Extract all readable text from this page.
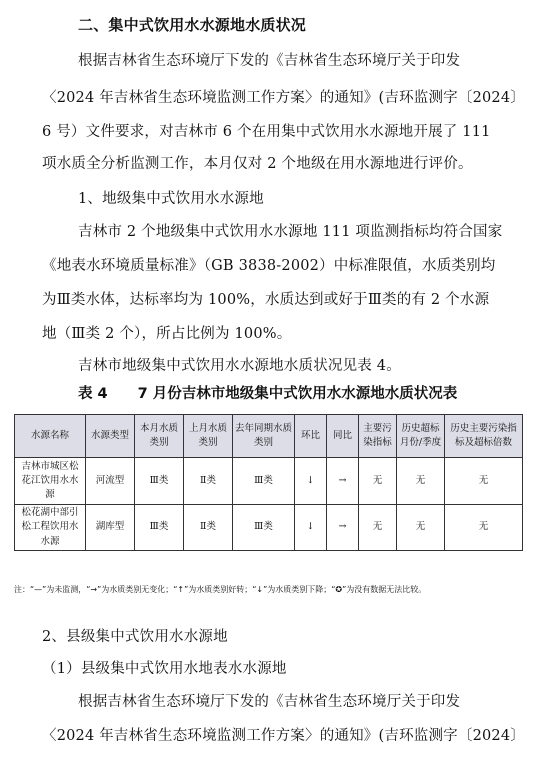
二、集中式饮用水水源地水质状况
根据吉林省生态环境厅下发的《吉林省生态环境厅关于印发
〈2024 年吉林省生态环境监测工作方案〉的通知》(吉环监测字〔2024〕
6 号）文件要求，对吉林市 6 个在用集中式饮用水水源地开展了 111
项水质全分析监测工作，本月仅对 2 个地级在用水源地进行评价。
1、地级集中式饮用水水源地
吉林市 2 个地级集中式饮用水水源地 111 项监测指标均符合国家
《地表水环境质量标准》（GB 3838-2002）中标准限值，水质类别均
为Ⅲ类水体，达标率均为 100%，水质达到或好于Ⅲ类的有 2 个水源
地（Ⅲ类 2 个），所占比例为 100%。
吉林市地级集中式饮用水水源地水质状况见表 4。
表 4 7 月份吉林市地级集中式饮用水水源地水质状况表
水源名称	水源类型	本月水质类别	上月水质类别	去年同期水质类别	环比	同比	主要污染指标	历史超标月份/季度	历史主要污染指标及超标倍数
吉林市城区松花江饮用水水源	河流型	Ⅲ类	Ⅱ类	Ⅲ类	↓	→	无	无	无
松花湖中部引松工程饮用水水源	湖库型	Ⅲ类	Ⅱ类	Ⅲ类	↓	→	无	无	无
注：“—”为未监测，“→”为水质类别无变化；“↑”为水质类别好转；“↓”为水质类别下降；“✪”为没有数据无法比较。
2、县级集中式饮用水水源地
（1）县级集中式饮用水地表水水源地
根据吉林省生态环境厅下发的《吉林省生态环境厅关于印发
〈2024 年吉林省生态环境监测工作方案〉的通知》(吉环监测字〔2024〕
